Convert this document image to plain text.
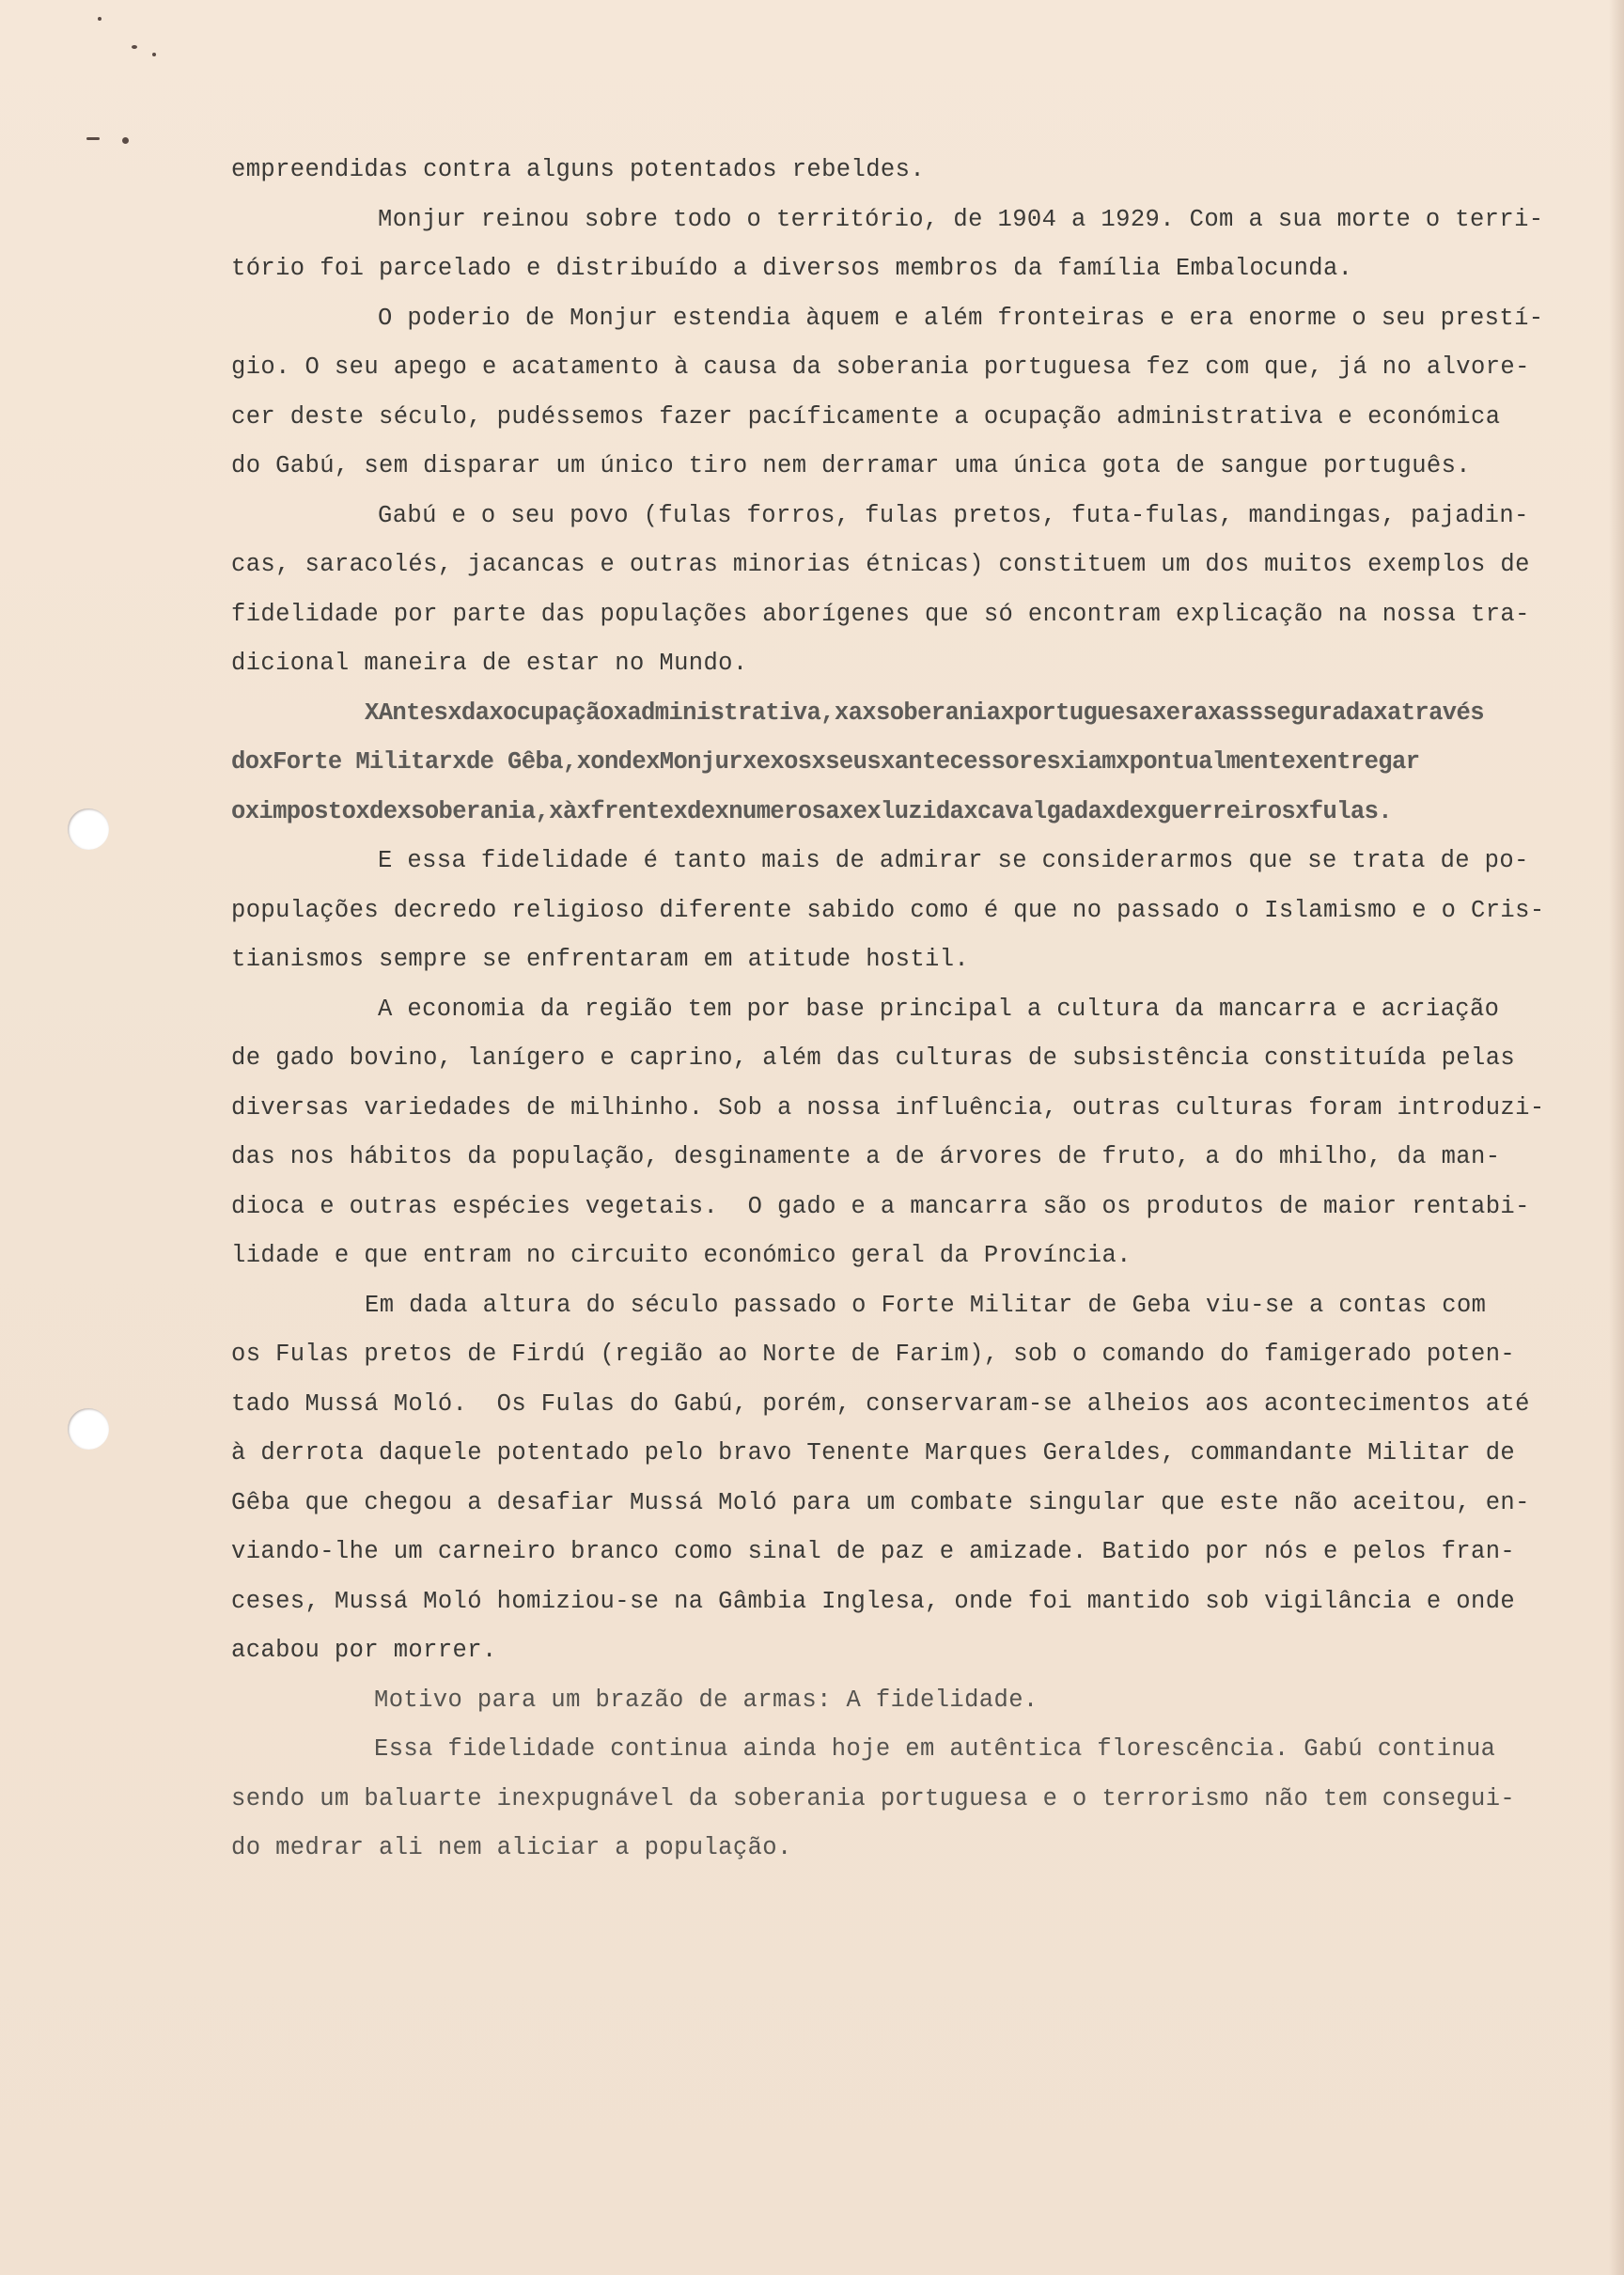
empreendidas contra alguns potentados rebeldes.
Monjur reinou sobre todo o território, de 1904 a 1929. Com a sua morte o terri-
tório foi parcelado e distribuído a diversos membros da família Embalocunda.
O poderio de Monjur estendia àquem e além fronteiras e era enorme o seu prestí-
gio. O seu apego e acatamento à causa da soberania portuguesa fez com que, já no alvore-
cer deste século, pudéssemos fazer pacíficamente a ocupação administrativa e económica
do Gabú, sem disparar um único tiro nem derramar uma única gota de sangue português.
Gabú e o seu povo (fulas forros, fulas pretos, futa-fulas, mandingas, pajadin-
cas, saracolés, jacancas e outras minorias étnicas) constituem um dos muitos exemplos de
fidelidade por parte das populações aborígenes que só encontram explicação na nossa tra-
dicional maneira de estar no Mundo.
XAntesxdaxocupaçãoxadministrativa,xaxsoberaniaxportuguesaxeraxassseguradaxatravés
doxForte Militarxde Gêba,xondexMonjurxexosxseusxantecessoresxiamxpontualmentexentregar
oximpostoxdexsoberania,xàxfrentexdexnumerosaxexluzidaxcavalgadaxdexguerreirosxfulas.
E essa fidelidade é tanto mais de admirar se considerarmos que se trata de po-
populações decredo religioso diferente sabido como é que no passado o Islamismo e o Cris-
tianismos sempre se enfrentaram em atitude hostil.
A economia da região tem por base principal a cultura da mancarra e acriação
de gado bovino, lanígero e caprino, além das culturas de subsistência constituída pelas
diversas variedades de milhinho. Sob a nossa influência, outras culturas foram introduzi-
das nos hábitos da população, desginamente a de árvores de fruto, a do mhilho, da man-
dioca e outras espécies vegetais.  O gado e a mancarra são os produtos de maior rentabi-
lidade e que entram no circuito económico geral da Província.
Em dada altura do século passado o Forte Militar de Geba viu-se a contas com
os Fulas pretos de Firdú (região ao Norte de Farim), sob o comando do famigerado poten-
tado Mussá Moló.  Os Fulas do Gabú, porém, conservaram-se alheios aos acontecimentos até
à derrota daquele potentado pelo bravo Tenente Marques Geraldes, commandante Militar de
Gêba que chegou a desafiar Mussá Moló para um combate singular que este não aceitou, en-
viando-lhe um carneiro branco como sinal de paz e amizade. Batido por nós e pelos fran-
ceses, Mussá Moló homiziou-se na Gâmbia Inglesa, onde foi mantido sob vigilância e onde
acabou por morrer.
Motivo para um brazão de armas: A fidelidade.
Essa fidelidade continua ainda hoje em autêntica florescência. Gabú continua
sendo um baluarte inexpugnável da soberania portuguesa e o terrorismo não tem consegui-
do medrar ali nem aliciar a população.
